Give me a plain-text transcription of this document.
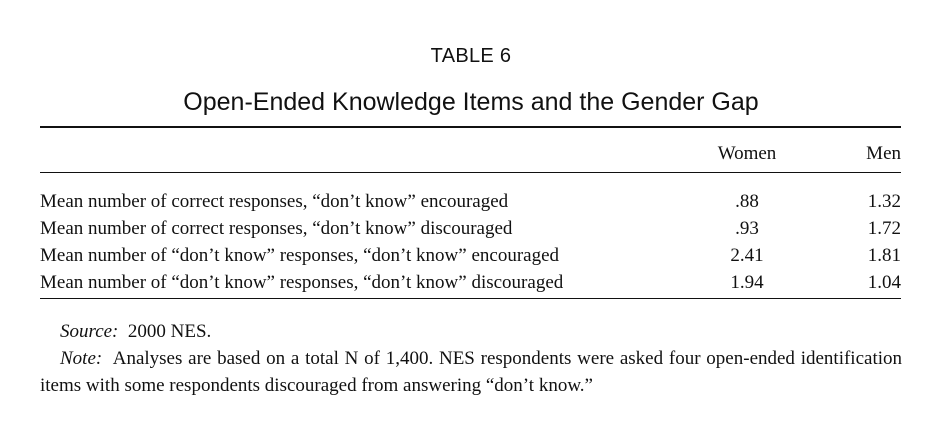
TABLE 6
Open-Ended Knowledge Items and the Gender Gap
Women	Men
Mean number of correct responses, “don’t know” encouraged	.88	1.32
Mean number of correct responses, “don’t know” discouraged	.93	1.72
Mean number of “don’t know” responses, “don’t know” encouraged	2.41	1.81
Mean number of “don’t know” responses, “don’t know” discouraged	1.94	1.04

Source: 2000 NES.

Note: Analyses are based on a total N of 1,400. NES respondents were asked four open-ended identification items with some respondents discouraged from answering “don’t know.”
